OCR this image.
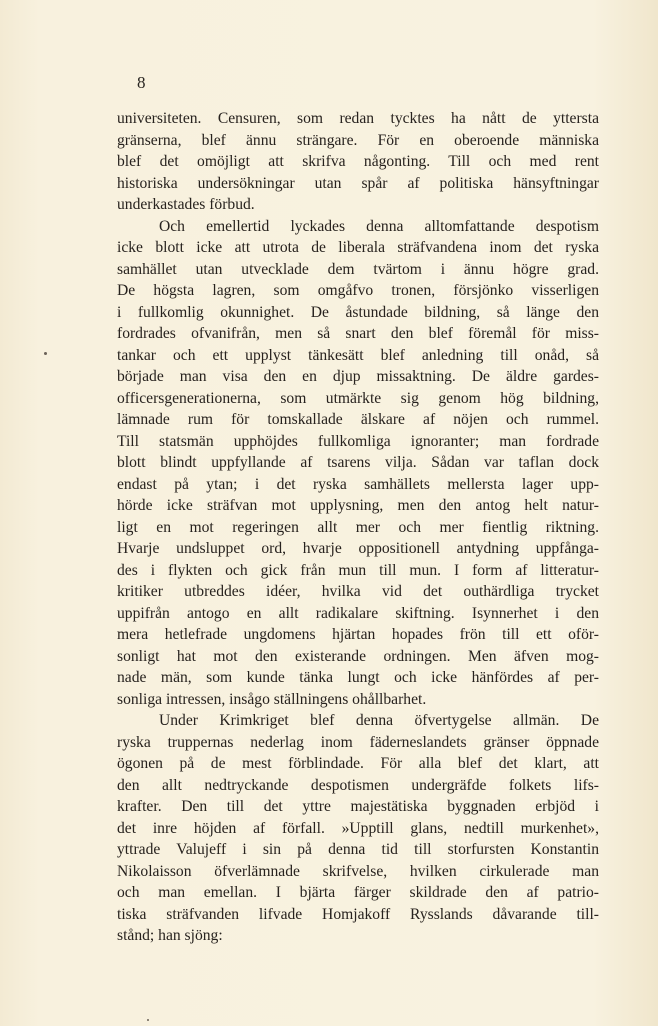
8
universiteten. Censuren, som redan tycktes ha nått de yttersta
gränserna, blef ännu strängare. För en oberoende människa
blef det omöjligt att skrifva någonting. Till och med rent
historiska undersökningar utan spår af politiska hänsyftningar
underkastades förbud.
Och emellertid lyckades denna alltomfattande despotism
icke blott icke att utrota de liberala sträfvandena inom det ryska
samhället utan utvecklade dem tvärtom i ännu högre grad.
De högsta lagren, som omgåfvo tronen, försjönko visserligen
i fullkomlig okunnighet. De åstundade bildning, så länge den
fordrades ofvanifrån, men så snart den blef föremål för miss-
tankar och ett upplyst tänkesätt blef anledning till onåd, så
började man visa den en djup missaktning. De äldre gardes-
officersgenerationerna, som utmärkte sig genom hög bildning,
lämnade rum för tomskallade älskare af nöjen och rummel.
Till statsmän upphöjdes fullkomliga ignoranter; man fordrade
blott blindt uppfyllande af tsarens vilja. Sådan var taflan dock
endast på ytan; i det ryska samhällets mellersta lager upp-
hörde icke sträfvan mot upplysning, men den antog helt natur-
ligt en mot regeringen allt mer och mer fientlig riktning.
Hvarje undsluppet ord, hvarje oppositionell antydning uppfånga-
des i flykten och gick från mun till mun. I form af litteratur-
kritiker utbreddes idéer, hvilka vid det outhärdliga trycket
uppifrån antogo en allt radikalare skiftning. Isynnerhet i den
mera hetlefrade ungdomens hjärtan hopades frön till ett oför-
sonligt hat mot den existerande ordningen. Men äfven mog-
nade män, som kunde tänka lungt och icke hänfördes af per-
sonliga intressen, insågo ställningens ohållbarhet.
Under Krimkriget blef denna öfvertygelse allmän. De
ryska truppernas nederlag inom fäderneslandets gränser öppnade
ögonen på de mest förblindade. För alla blef det klart, att
den allt nedtryckande despotismen undergräfde folkets lifs-
krafter. Den till det yttre majestätiska byggnaden erbjöd i
det inre höjden af förfall. »Upptill glans, nedtill murkenhet»,
yttrade Valujeff i sin på denna tid till storfursten Konstantin
Nikolaisson öfverlämnade skrifvelse, hvilken cirkulerade man
och man emellan. I bjärta färger skildrade den af patrio-
tiska sträfvanden lifvade Homjakoff Rysslands dåvarande till-
stånd; han sjöng:
